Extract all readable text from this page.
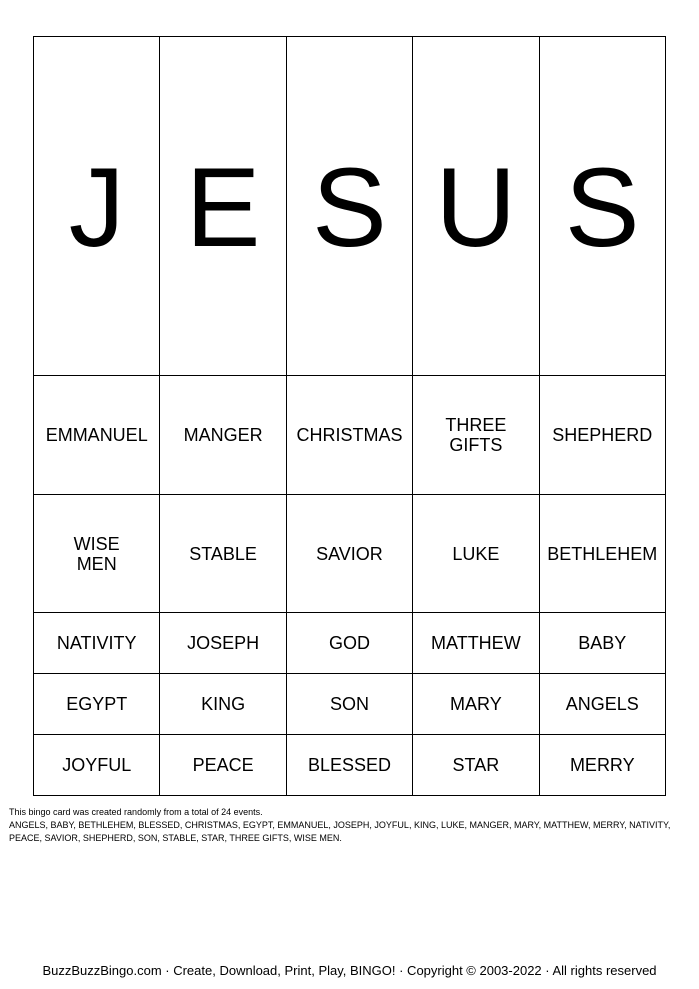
J	E	S	U	S
EMMANUEL	MANGER	CHRISTMAS	THREE GIFTS	SHEPHERD
WISE MEN	STABLE	SAVIOR	LUKE	BETHLEHEM
NATIVITY	JOSEPH	GOD	MATTHEW	BABY
EGYPT	KING	SON	MARY	ANGELS
JOYFUL	PEACE	BLESSED	STAR	MERRY

This bingo card was created randomly from a total of 24 events.

ANGELS, BABY, BETHLEHEM, BLESSED, CHRISTMAS, EGYPT, EMMANUEL, JOSEPH, JOYFUL, KING, LUKE, MANGER, MARY, MATTHEW, MERRY, NATIVITY, PEACE, SAVIOR, SHEPHERD, SON, STABLE, STAR, THREE GIFTS, WISE MEN.

BuzzBuzzBingo.com · Create, Download, Print, Play, BINGO! · Copyright © 2003-2022 · All rights reserved
